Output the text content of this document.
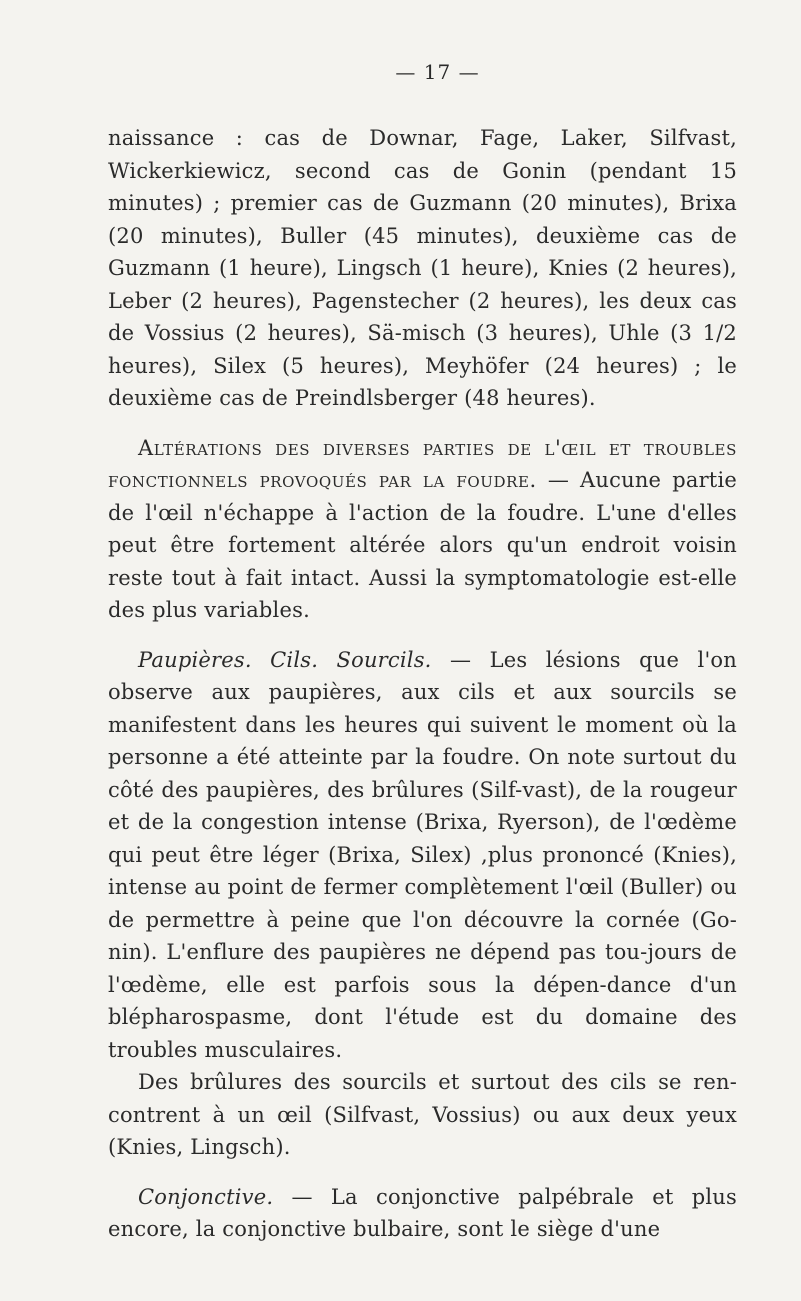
— 17 —

naissance : cas de Downar, Fage, Laker, Silfvast, Wickerkiewicz, second cas de Gonin (pendant 15 minutes) ; premier cas de Guzmann (20 minutes), Brixa (20 minutes), Buller (45 minutes), deuxième cas de Guzmann (1 heure), Lingsch (1 heure), Knies (2 heures), Leber (2 heures), Pagenstecher (2 heures), les deux cas de Vossius (2 heures), Sä-misch (3 heures), Uhle (3 1/2 heures), Silex (5 heures), Meyhöfer (24 heures) ; le deuxième cas de Preindlsberger (48 heures).

Altérations des diverses parties de l'œil et troubles fonctionnels provoqués par la foudre. — Aucune partie de l'œil n'échappe à l'action de la foudre. L'une d'elles peut être fortement altérée alors qu'un endroit voisin reste tout à fait intact. Aussi la symptomatologie est-elle des plus variables.

Paupières. Cils. Sourcils. — Les lésions que l'on observe aux paupières, aux cils et aux sourcils se manifestent dans les heures qui suivent le moment où la personne a été atteinte par la foudre. On note surtout du côté des paupières, des brûlures (Silf-vast), de la rougeur et de la congestion intense (Brixa, Ryerson), de l'œdème qui peut être léger (Brixa, Silex) ,plus prononcé (Knies), intense au point de fermer complètement l'œil (Buller) ou de permettre à peine que l'on découvre la cornée (Go-nin). L'enflure des paupières ne dépend pas tou-jours de l'œdème, elle est parfois sous la dépen-dance d'un blépharospasme, dont l'étude est du domaine des troubles musculaires.

Des brûlures des sourcils et surtout des cils se ren-contrent à un œil (Silfvast, Vossius) ou aux deux yeux (Knies, Lingsch).

Conjonctive. — La conjonctive palpébrale et plus encore, la conjonctive bulbaire, sont le siège d'une
